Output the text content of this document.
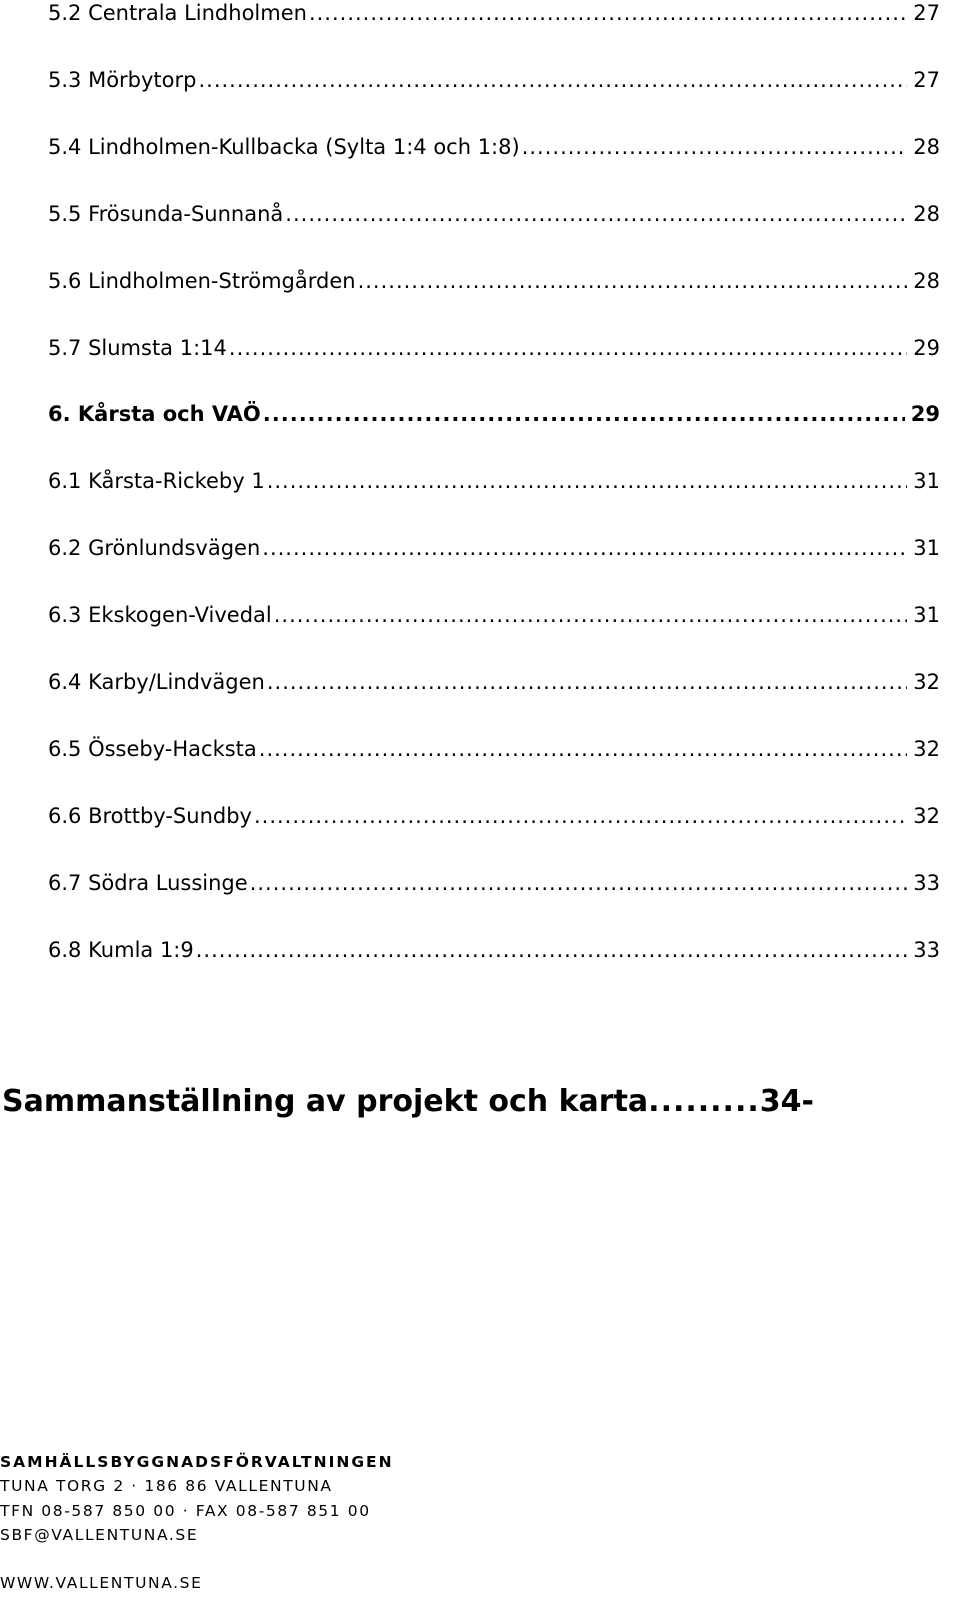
5.2 Centrala Lindholmen .....	27
5.3 Mörbytorp .....	27
5.4 Lindholmen-Kullbacka (Sylta 1:4 och 1:8) .....	28
5.5 Frösunda-Sunnanå .....	28
5.6 Lindholmen-Strömgården .....	28
5.7 Slumsta 1:14 .....	29
6. Kårsta och VAÖ .....	29
6.1 Kårsta-Rickeby 1 .....	31
6.2 Grönlundsvägen .....	31
6.3 Ekskogen-Vivedal .....	31
6.4 Karby/Lindvägen .....	32
6.5 Össeby-Hacksta .....	32
6.6 Brottby-Sundby .....	32
6.7 Södra Lussinge .....	33
6.8 Kumla 1:9 .....	33
Sammanställning av projekt och karta .....	34-
SAMHÄLLSBYGGNADSFÖRVALTNINGEN
TUNA TORG 2 · 186 86 VALLENTUNA
TFN 08-587 850 00 · FAX 08-587 851 00
SBF@VALLENTUNA.SE
WWW.VALLENTUNA.SE
